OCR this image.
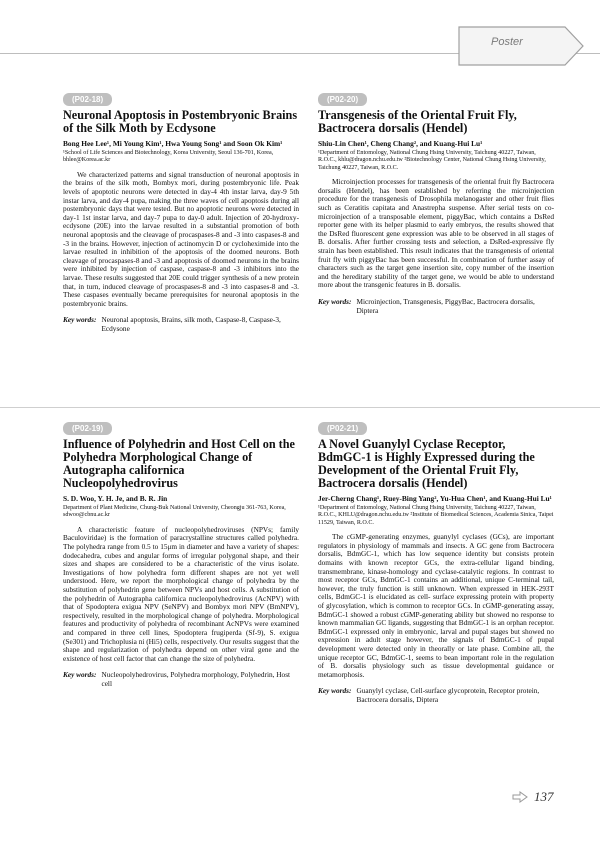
Poster
(P02-18)
Neuronal Apoptosis in Postembryonic Brains of the Silk Moth by Ecdysone
Bong Hee Lee¹, Mi Young Kim¹, Hwa Young Song¹ and Soon Ok Kim¹
¹School of Life Sciences and Biotechnology, Korea University, Seoul 136-701, Korea, bhlee@Korea.ac.kr
We characterized patterns and signal transduction of neuronal apoptosis in the brains of the silk moth, Bombyx mori, during postembryonic life. Peak levels of apoptotic neurons were detected in day-4 4th instar larva, day-9 5th instar larva, and day-4 pupa, making the three waves of cell apoptosis during all postembryonic days that were tested. But no apoptotic neurons were detected in day-1 1st instar larva, and day-7 pupa to day-0 adult. Injection of 20-hydroxy-ecdysone (20E) into the larvae resulted in a substantial promotion of both neuronal apoptosis and the cleavage of procaspases-8 and -3 into caspases-8 and -3 in the brains. However, injection of actinomycin D or cycloheximide into the larvae resulted in inhibition of the apoptosis of the doomed neurons. Both cleavage of procaspases-8 and -3 and apoptosis of doomed neurons in the brains were inhibited by injection of caspase, caspase-8 and -3 inhibitors into the larvae. These results suggested that 20E could trigger synthesis of a new protein that, in turn, induced cleavage of procaspases-8 and -3 into caspases-8 and -3. These caspases eventually became prerequisites for neuronal apoptosis in the postembryonic brains.
Key words: Neuronal apoptosis, Brains, silk moth, Caspase-8, Caspase-3, Ecdysone
(P02-20)
Transgenesis of the Oriental Fruit Fly, Bactrocera dorsalis (Hendel)
Shiu-Lin Chen¹, Cheng Chang², and Kuang-Hui Lu¹
¹Department of Entomology, National Chung Hsing University, Taichung 40227, Taiwan, R.O.C., khlu@dragon.nchu.edu.tw ²Biotechnology Center, National Chung Hsing University, Taichung 40227, Taiwan, R.O.C.
Microinjection processes for transgenesis of the oriental fruit fly Bactrocera dorsalis (Hendel), has been established by referring the microinjection procedure for the transgenesis of Drosophila melanogaster and other fruit flies such as Ceratitis capitata and Anastrepha suspense. After serial tests on co-microinjection of a transposable element, piggyBac, which contains a DsRed reporter gene with its helper plasmid to early embryos, the results showed that the DsRed fluorescent gene expression was able to be observed in all stages of B. dorsalis. After further crossing tests and selection, a DsRed-expressive fly strain has been established. This result indicates that the transgenesis of oriental fruit fly with piggyBac has been successful. In combination of further assay of characters such as the target gene insertion site, copy number of the insertion and the hereditary stability of the target gene, we would be able to understand more about the transgenic features in B. dorsalis.
Key words: Microinjection, Transgenesis, PiggyBac, Bactrocera dorsalis, Diptera
(P02-19)
Influence of Polyhedrin and Host Cell on the Polyhedra Morphological Change of Autographa californica Nucleopolyhedrovirus
S. D. Woo, Y. H. Je, and B. R. Jin
Department of Plant Medicine, Chung-Buk National University, Cheongju 361-763, Korea, sdwoo@cbnu.ac.kr
A characteristic feature of nucleopolyhedroviruses (NPVs; family Baculoviridae) is the formation of paracrystalline structures called polyhedra. The polyhedra range from 0.5 to 15μm in diameter and have a variety of shapes: dodecahedra, cubes and angular forms of irregular polygonal shape, and their sizes and shapes are considered to be a characteristic of the virus isolate. Investigations of how polyhedra form different shapes are not yet well understood. Here, we report the morphological change of polyhedra by the substitution of polyhedrin gene between NPVs and host cells. A substitution of the polyhedrin of Autographa californica nucleopolyhedrovirus (AcNPV) with that of Spodoptera exigua NPV (SeNPV) and Bombyx mori NPV (BmNPV), respectively, resulted in the morphological change of polyhedra. Morphological features and productivity of polyhedra of recombinant AcNPVs were examined and compared in three cell lines, Spodoptera frugiperda (Sf-9), S. exigua (Se301) and Trichoplusia ni (Hi5) cells, respectively. Our results suggest that the shape and regularization of polyhedra depend on other viral gene and the existence of host cell factor that can change the size of polyhedra.
Key words: Nucleopolyhedrovirus, Polyhedra morphology, Polyhedrin, Host cell
(P02-21)
A Novel Guanylyl Cyclase Receptor, BdmGC-1 is Highly Expressed during the Development of the Oriental Fruit Fly, Bactrocera dorsalis (Hendel)
Jer-Cherng Chang¹, Ruey-Bing Yang², Yu-Hua Chen¹, and Kuang-Hui Lu¹
¹Department of Entomology, National Chung Hsing University, Taichung 40227, Taiwan, R.O.C., KHLU@dragon.nchu.edu.tw ²Institute of Biomedical Sciences, Academia Sinica, Taipei 11529, Taiwan, R.O.C.
The cGMP-generating enzymes, guanylyl cyclases (GCs), are important regulators in physiology of mammals and insects. A GC gene from Bactrocera dorsalis, BdmGC-1, which has low sequence identity but consists protein domains with known receptor GCs, the extra-cellular ligand binding, transmembrane, kinase-homology and cyclase-catalytic regions. In contrast to most receptor GCs, BdmGC-1 contains an additional, unique C-terminal tail, however, the truly function is still unknown. When expressed in HEK-293T cells, BdmGC-1 is elucidated as cell- surface expressing protein with property of glycosylation, which is common to receptor GCs. In cGMP-generating assay, BdmGC-1 showed a robust cGMP-generating ability but showed no response to known mammalian GC ligands, suggesting that BdmGC-1 is an orphan receptor. BdmGC-1 expressed only in embryonic, larval and pupal stages but showed no expression in adult stage however, the signals of BdmGC-1 of pupal development were detected only in theorally or late phase. Combine all, the unique receptor GC, BdmGC-1, seems to bean important role in the regulation of B. dorsalis physiology such as tissue developmental guidance or metamorphosis.
Key words: Guanylyl cyclase, Cell-surface glycoprotein, Receptor protein, Bactrocera dorsalis, Diptera
137
